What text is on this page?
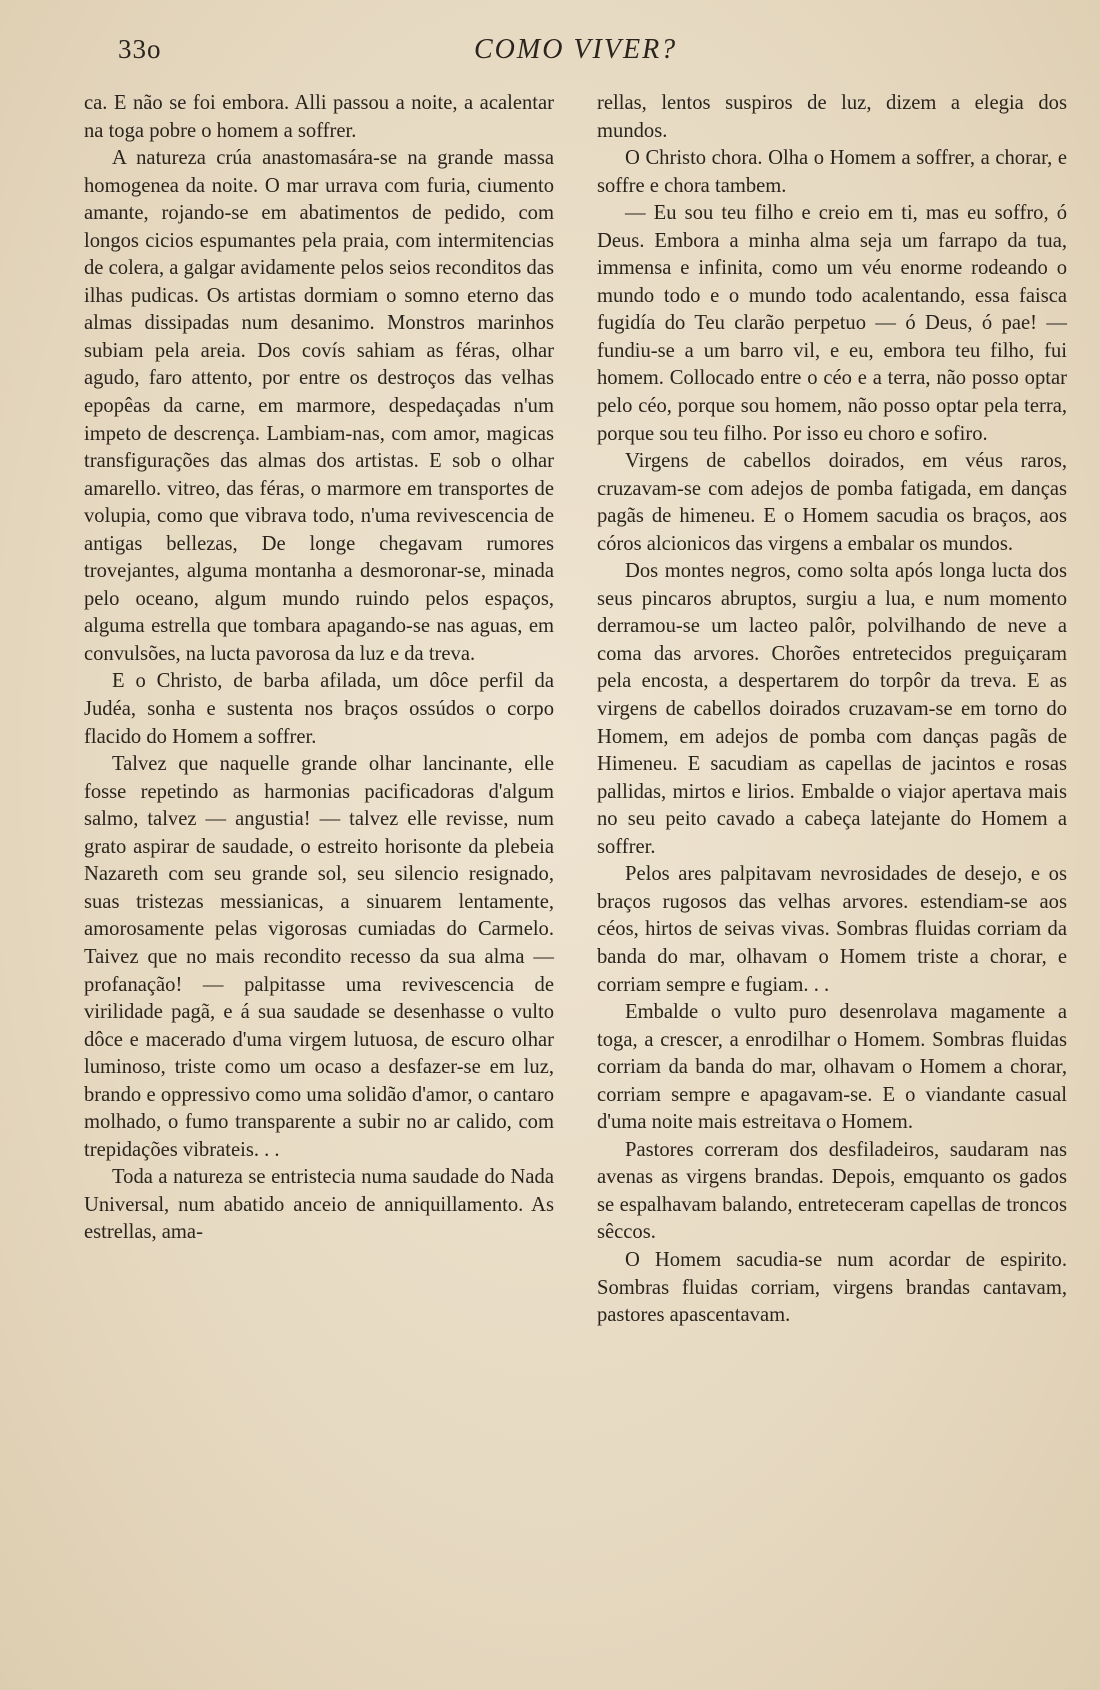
33o	COMO VIVER?

ca. E não se foi embora. Alli passou a noite, a acalentar na toga pobre o homem a soffrer.

A natureza crúa anastomasára-se na grande massa homogenea da noite. O mar urrava com furia, ciumento amante, rojando-se em abatimentos de pedido, com longos cicios espumantes pela praia, com intermitencias de colera, a galgar avidamente pelos seios reconditos das ilhas pudicas. Os artistas dormiam o somno eterno das almas dissipadas num desanimo. Monstros marinhos subiam pela areia. Dos covís sahiam as féras, olhar agudo, faro attento, por entre os destroços das velhas epopêas da carne, em marmore, despedaçadas n'um impeto de descrença. Lambiam-nas, com amor, magicas transfigurações das almas dos artistas. E sob o olhar amarello. vitreo, das féras, o marmore em transportes de volupia, como que vibrava todo, n'uma revivescencia de antigas bellezas, De longe chegavam rumores trovejantes, alguma montanha a desmoronar-se, minada pelo oceano, algum mundo ruindo pelos espaços, alguma estrella que tombara apagando-se nas aguas, em convulsões, na lucta pavorosa da luz e da treva.

E o Christo, de barba afilada, um dôce perfil da Judéa, sonha e sustenta nos braços ossúdos o corpo flacido do Homem a soffrer.

Talvez que naquelle grande olhar lancinante, elle fosse repetindo as harmonias pacificadoras d'algum salmo, talvez — angustia! — talvez elle revisse, num grato aspirar de saudade, o estreito horisonte da plebeia Nazareth com seu grande sol, seu silencio resignado, suas tristezas messianicas, a sinuarem lentamente, amorosamente pelas vigorosas cumiadas do Carmelo. Taivez que no mais recondito recesso da sua alma — profanação! — palpitasse uma revivescencia de virilidade pagã, e á sua saudade se desenhasse o vulto dôce e macerado d'uma virgem lutuosa, de escuro olhar luminoso, triste como um ocaso a desfazer-se em luz, brando e oppressivo como uma solidão d'amor, o cantaro molhado, o fumo transparente a subir no ar calido, com trepidações vibrateis. . .

Toda a natureza se entristecia numa saudade do Nada Universal, num abatido anceio de anniquillamento. As estrellas, ama-

rellas, lentos suspiros de luz, dizem a elegia dos mundos.

O Christo chora. Olha o Homem a soffrer, a chorar, e soffre e chora tambem.

— Eu sou teu filho e creio em ti, mas eu soffro, ó Deus. Embora a minha alma seja um farrapo da tua, immensa e infinita, como um véu enorme rodeando o mundo todo e o mundo todo acalentando, essa faisca fugidía do Teu clarão perpetuo — ó Deus, ó pae! — fundiu-se a um barro vil, e eu, embora teu filho, fui homem. Collocado entre o céo e a terra, não posso optar pelo céo, porque sou homem, não posso optar pela terra, porque sou teu filho. Por isso eu choro e sofiro.

Virgens de cabellos doirados, em véus raros, cruzavam-se com adejos de pomba fatigada, em danças pagãs de himeneu. E o Homem sacudia os braços, aos córos alcionicos das virgens a embalar os mundos.

Dos montes negros, como solta após longa lucta dos seus pincaros abruptos, surgiu a lua, e num momento derramou-se um lacteo palôr, polvilhando de neve a coma das arvores. Chorões entretecidos preguiçaram pela encosta, a despertarem do torpôr da treva. E as virgens de cabellos doirados cruzavam-se em torno do Homem, em adejos de pomba com danças pagãs de Himeneu. E sacudiam as capellas de jacintos e rosas pallidas, mirtos e lirios. Embalde o viajor apertava mais no seu peito cavado a cabeça latejante do Homem a soffrer.

Pelos ares palpitavam nevrosidades de desejo, e os braços rugosos das velhas arvores. estendiam-se aos céos, hirtos de seivas vivas. Sombras fluidas corriam da banda do mar, olhavam o Homem triste a chorar, e corriam sempre e fugiam. . .

Embalde o vulto puro desenrolava magamente a toga, a crescer, a enrodilhar o Homem. Sombras fluidas corriam da banda do mar, olhavam o Homem a chorar, corriam sempre e apagavam-se. E o viandante casual d'uma noite mais estreitava o Homem.

Pastores correram dos desfiladeiros, saudaram nas avenas as virgens brandas. Depois, emquanto os gados se espalhavam balando, entreteceram capellas de troncos sêccos.

O Homem sacudia-se num acordar de espirito. Sombras fluidas corriam, virgens brandas cantavam, pastores apascentavam.
